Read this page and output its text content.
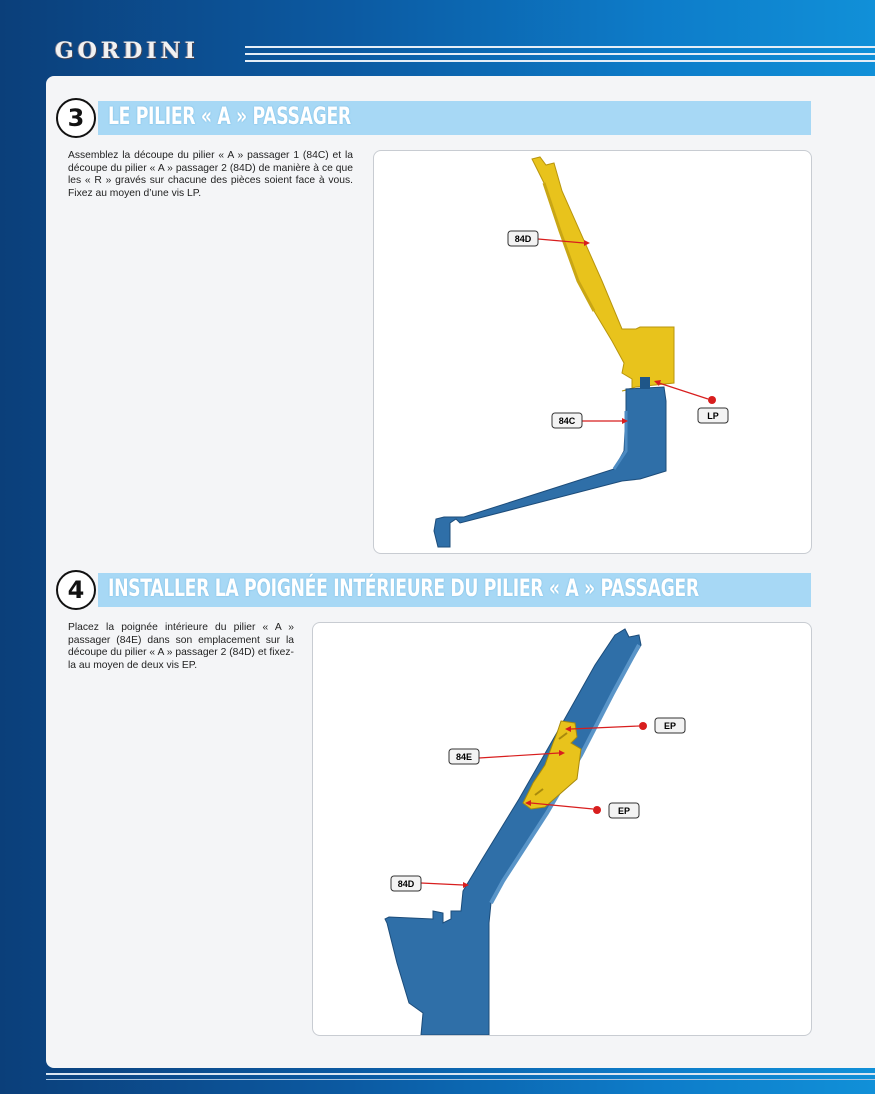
GORDINI
3 LE PILIER « A » PASSAGER
Assemblez la découpe du pilier « A » passager 1 (84C) et la découpe du pilier « A » passager 2 (84D) de manière à ce que les « R » gravés sur chacune des pièces soient face à vous. Fixez au moyen d’une vis LP.
84D
84C	LP
4 INSTALLER LA POIGNÉE INTÉRIEURE DU PILIER « A » PASSAGER
Placez la poignée intérieure du pilier « A » passager (84E) dans son emplacement sur la découpe du pilier « A » passager 2 (84D) et fixez-la au moyen de deux vis EP.
EP
84E
EP
84D
